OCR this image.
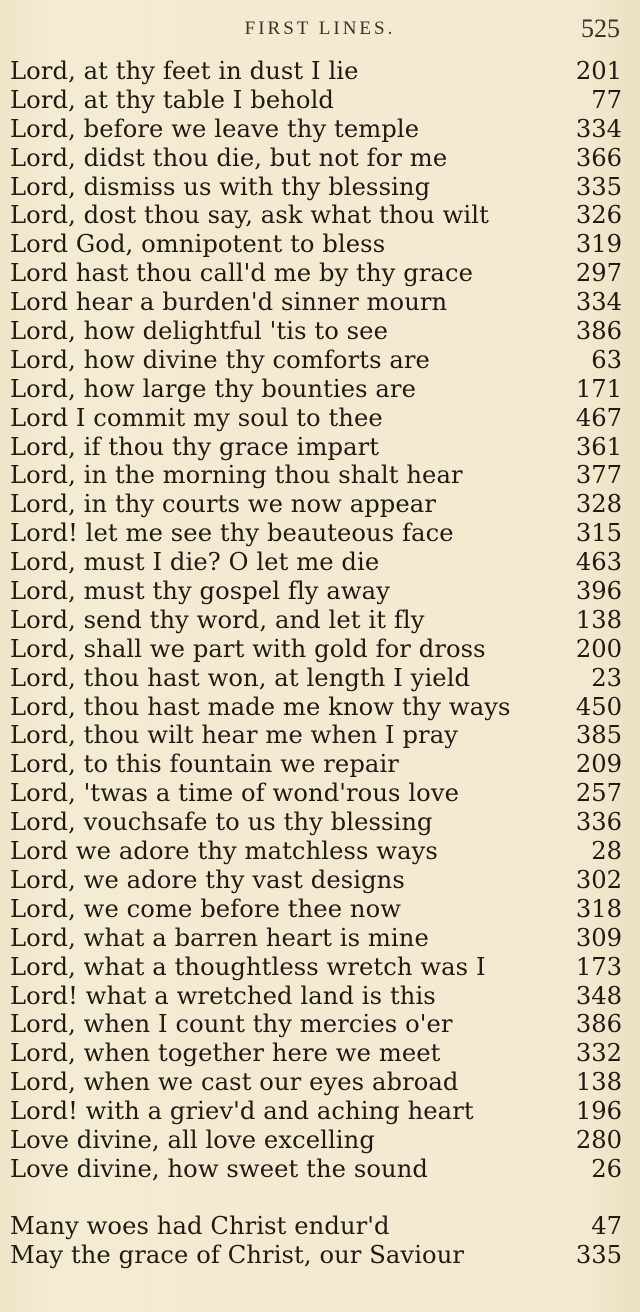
FIRST LINES.	525
Lord, at thy feet in dust I lie	201
Lord, at thy table I behold	77
Lord, before we leave thy temple	334
Lord, didst thou die, but not for me	366
Lord, dismiss us with thy blessing	335
Lord, dost thou say, ask what thou wilt	326
Lord God, omnipotent to bless	319
Lord hast thou call'd me by thy grace	297
Lord hear a burden'd sinner mourn	334
Lord, how delightful 'tis to see	386
Lord, how divine thy comforts are	63
Lord, how large thy bounties are	171
Lord I commit my soul to thee	467
Lord, if thou thy grace impart	361
Lord, in the morning thou shalt hear	377
Lord, in thy courts we now appear	328
Lord! let me see thy beauteous face	315
Lord, must I die? O let me die	463
Lord, must thy gospel fly away	396
Lord, send thy word, and let it fly	138
Lord, shall we part with gold for dross	200
Lord, thou hast won, at length I yield	23
Lord, thou hast made me know thy ways	450
Lord, thou wilt hear me when I pray	385
Lord, to this fountain we repair	209
Lord, 'twas a time of wond'rous love	257
Lord, vouchsafe to us thy blessing	336
Lord we adore thy matchless ways	28
Lord, we adore thy vast designs	302
Lord, we come before thee now	318
Lord, what a barren heart is mine	309
Lord, what a thoughtless wretch was I	173
Lord! what a wretched land is this	348
Lord, when I count thy mercies o'er	386
Lord, when together here we meet	332
Lord, when we cast our eyes abroad	138
Lord! with a griev'd and aching heart	196
Love divine, all love excelling	280
Love divine, how sweet the sound	26
Many woes had Christ endur'd	47
May the grace of Christ, our Saviour	335
